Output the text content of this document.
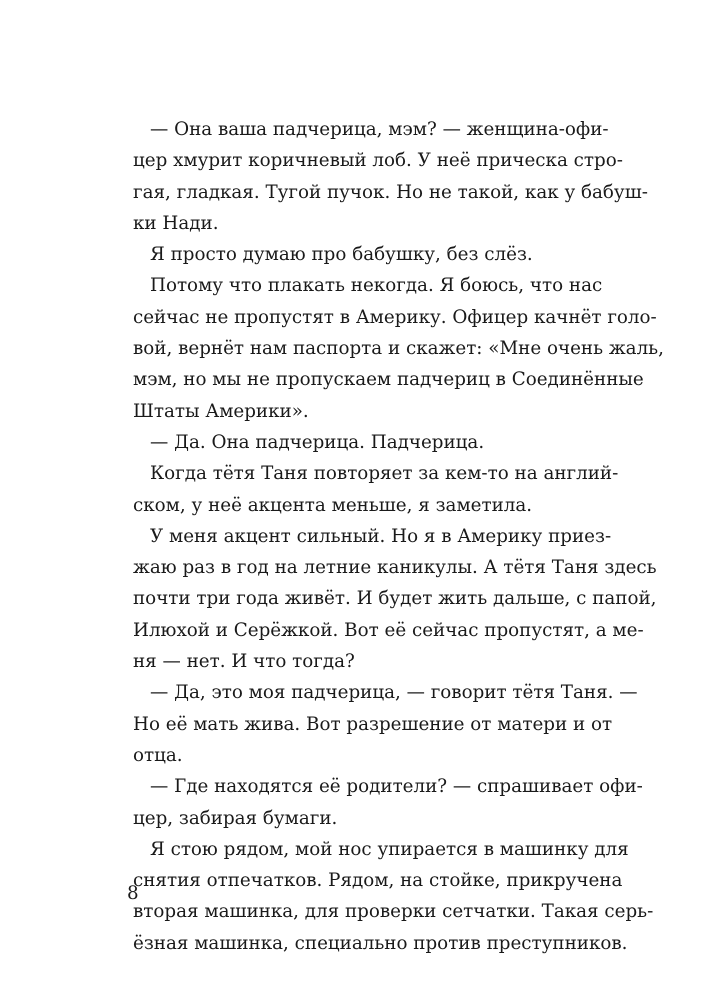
— Она ваша падчерица, мэм? — женщина-офи-
цер хмурит коричневый лоб. У неё прическа стро-
гая, гладкая. Тугой пучок. Но не такой, как у бабуш-
ки Нади.
Я просто думаю про бабушку, без слёз.
Потому что плакать некогда. Я боюсь, что нас
сейчас не пропустят в Америку. Офицер качнёт голо-
вой, вернёт нам паспорта и скажет: «Мне очень жаль,
мэм, но мы не пропускаем падчериц в Соединённые
Штаты Америки».
— Да. Она падчерица. Падчерица.
Когда тётя Таня повторяет за кем-то на англий-
ском, у неё акцента меньше, я заметила.
У меня акцент сильный. Но я в Америку приез-
жаю раз в год на летние каникулы. А тётя Таня здесь
почти три года живёт. И будет жить дальше, с папой,
Илюхой и Серёжкой. Вот её сейчас пропустят, а ме-
ня — нет. И что тогда?
— Да, это моя падчерица, — говорит тётя Таня. —
Но её мать жива. Вот разрешение от матери и от
отца.
— Где находятся её родители? — спрашивает офи-
цер, забирая бумаги.
Я стою рядом, мой нос упирается в машинку для
снятия отпечатков. Рядом, на стойке, прикручена
вторая машинка, для проверки сетчатки. Такая серь-
ёзная машинка, специально против преступников.
8
